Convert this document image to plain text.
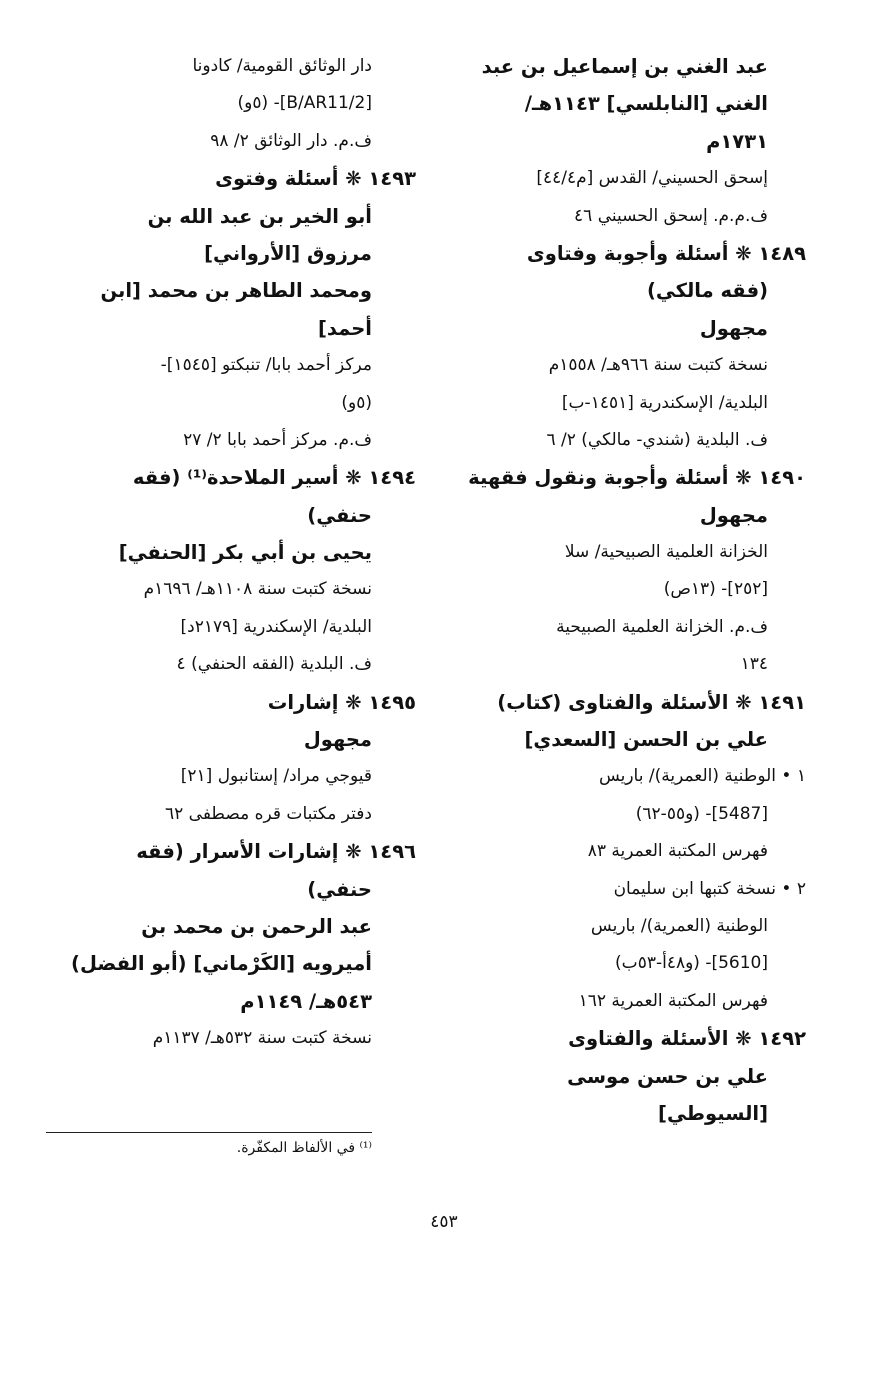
عبد الغني بن إسماعيل بن عبد
الغني [النابلسي] ١١٤٣هـ/
١٧٣١م
إسحق الحسيني/ القدس [م٤٤/٤]
ف.م.م. إسحق الحسيني ٤٦
١٤٨٩ ❋ أسئلة وأجوبة وفتاوى
(فقه مالكي)
مجهول
نسخة كتبت سنة ٩٦٦هـ/ ١٥٥٨م
البلدية/ الإسكندرية [١٤٥١-ب]
ف. البلدية (شندي- مالكي) ٢/ ٦
١٤٩٠ ❋ أسئلة وأجوبة ونقول فقهية
مجهول
الخزانة العلمية الصبيحية/ سلا
[٢٥٢]- (١٣ص)
ف.م. الخزانة العلمية الصبيحية
١٣٤
١٤٩١ ❋ الأسئلة والفتاوى (كتاب)
علي بن الحسن [السعدي]
١ • الوطنية (العمرية)/ باريس
[5487]- (و٥٥-٦٢)
فهرس المكتبة العمرية ٨٣
٢ • نسخة كتبها ابن سليمان
الوطنية (العمرية)/ باريس
[5610]- (و٤٨أ-٥٣ب)
فهرس المكتبة العمرية ١٦٢
١٤٩٢ ❋ الأسئلة والفتاوى
علي بن حسن موسى
[السيوطي]
دار الوثائق القومية/ كادونا
[B/AR11/2]- (٥و)
ف.م. دار الوثائق ٢/ ٩٨
١٤٩٣ ❋ أسئلة وفتوى
أبو الخير بن عبد الله بن
مرزوق [الأرواني]
ومحمد الطاهر بن محمد [ابن
أحمد]
مركز أحمد بابا/ تنبكتو [١٥٤٥]-
(٥و)
ف.م. مركز أحمد بابا ٢/ ٢٧
١٤٩٤ ❋ أسير الملاحدة⁽¹⁾ (فقه
حنفي)
يحيى بن أبي بكر [الحنفي]
نسخة كتبت سنة ١١٠٨هـ/ ١٦٩٦م
البلدية/ الإسكندرية [٢١٧٩د]
ف. البلدية (الفقه الحنفي) ٤
١٤٩٥ ❋ إشارات
مجهول
قيوجي مراد/ إستانبول [٢١]
دفتر مكتبات قره مصطفى ٦٢
١٤٩٦ ❋ إشارات الأسرار (فقه
حنفي)
عبد الرحمن بن محمد بن
أميرويه [الكَرْماني] (أبو الفضل)
٥٤٣هـ/ ١١٤٩م
نسخة كتبت سنة ٥٣٢هـ/ ١١٣٧م
⁽¹⁾ في الألفاظ المكفّرة.
٤٥٣
